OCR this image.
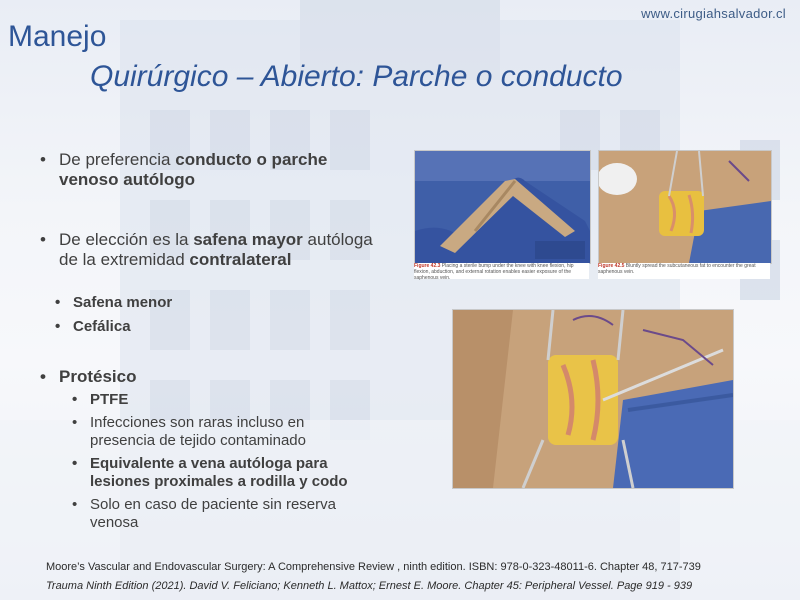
www.cirugiahsalvador.cl
Manejo
Quirúrgico – Abierto: Parche o conducto
• De preferencia conducto o parche venoso autólogo
• De elección es la safena mayor autóloga de la extremidad contralateral
• Safena menor
• Cefálica
• Protésico
• PTFE
• Infecciones son raras incluso en presencia de tejido contaminado
• Equivalente a vena autóloga para lesiones proximales a rodilla y codo
• Solo en caso de paciente sin reserva venosa
Figure 42.3 Placing a sterile bump under the knee with knee flexion, hip flexion, abduction, and external rotation enables easier exposure of the saphenous vein.
Figure 42.5 Bluntly spread the subcutaneous fat to encounter the great saphenous vein.
Moore’s Vascular and Endovascular Surgery: A Comprehensive Review , ninth edition. ISBN: 978-0-323-48011-6. Chapter 48, 717-739
Trauma Ninth Edition (2021). David V. Feliciano; Kenneth L. Mattox; Ernest E. Moore. Chapter 45: Peripheral Vessel. Page 919 - 939
